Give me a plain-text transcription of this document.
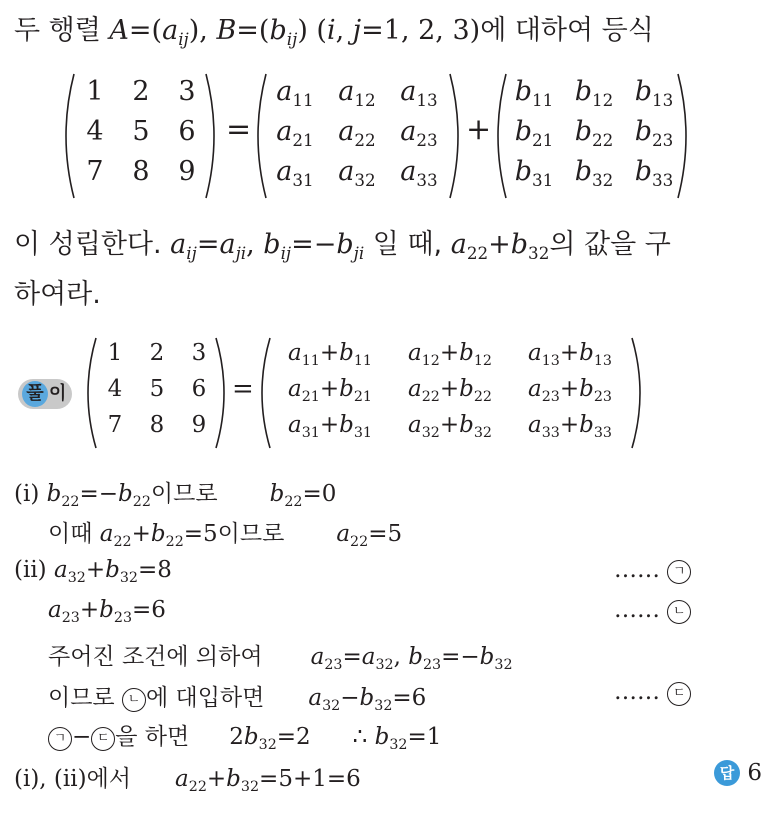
두 행렬 $A=(a_{ij})$, $B=(b_{ij})$ (i, j=1, 2, 3)에 대하여 등식
1	2	3
4	5	6
7	8	9
=
$a_{11}$ $a_{12}$ $a_{13}$
$a_{21}$ $a_{22}$ $a_{23}$
$a_{31}$ $a_{32}$ $a_{33}$
+
$b_{11}$ $b_{12}$ $b_{13}$
$b_{21}$ $b_{22}$ $b_{23}$
$b_{31}$ $b_{32}$ $b_{33}$
이 성립한다. $a_{ij}=a_{ji}$, $b_{ij}=-b_{ji}$ 일 때, $a_{22}+b_{32}$의 값을 구
하여라.
풀 이
1	2	3
4	5	6
7	8	9
=
$a_{11}+b_{11}$	$a_{12}+b_{12}$	$a_{13}+b_{13}$
$a_{21}+b_{21}$	$a_{22}+b_{22}$	$a_{23}+b_{23}$
$a_{31}+b_{31}$	$a_{32}+b_{32}$	$a_{33}+b_{33}$
(ⅰ) $b_{22}=-b_{22}$이므로 $b_{22}=0$
이때 $a_{22}+b_{22}=5$이므로 $a_{22}=5$
(ⅱ) $a_{32}+b_{32}=8$	…… ㄱ
$a_{23}+b_{23}=6$	…… ㄴ
주어진 조건에 의하여 $a_{23}=a_{32}$, $b_{23}=-b_{32}$
이므로 ㄴ 에 대입하면 $a_{32}-b_{32}=6$	…… ㄷ
ㄱ − ㄷ 을 하면 $2b_{32}=2$ ∴ $b_{32}=1$
(ⅰ), (ⅱ)에서 $a_{22}+b_{32}=5+1=6$	답 6
